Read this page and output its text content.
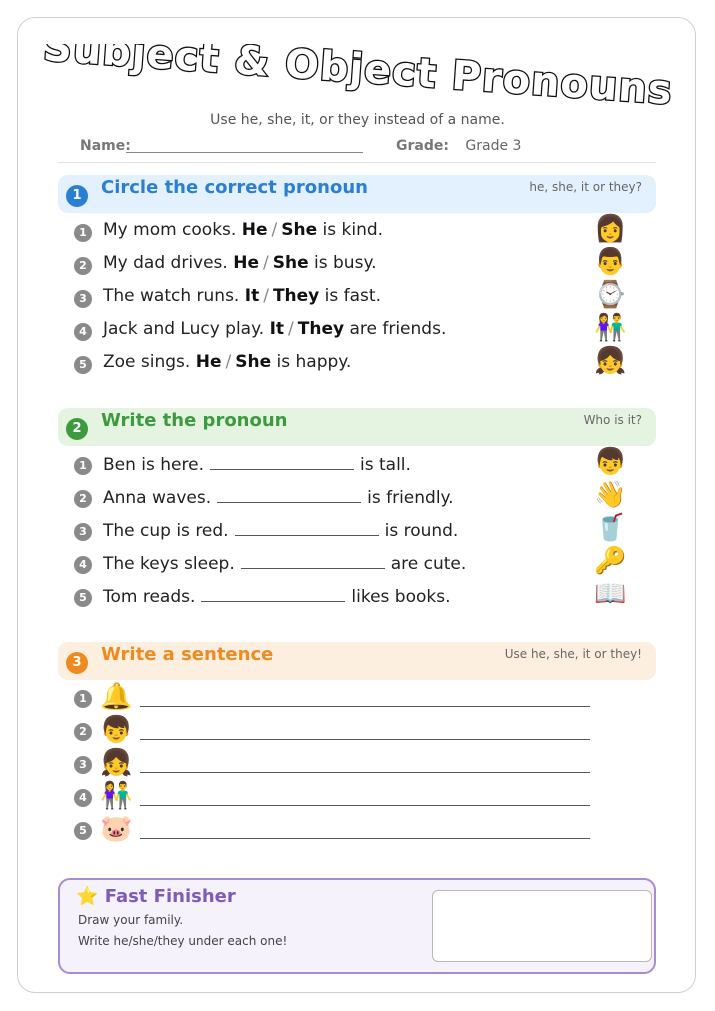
Subject & Object Pronouns
Use he, she, it, or they instead of a name.
Name:	Grade: Grade 3
1	Circle the correct pronoun	he, she, it or they?
1 My mom cooks. He / She is kind.	👩
2 My dad drives. He / She is busy.	👨
3 The watch runs. It / They is fast.	⌚
4 Jack and Lucy play. It / They are friends.	👫
5 Zoe sings. He / She is happy.	👧
2	Write the pronoun	Who is it?
1 Ben is here.	is tall.	👦
2 Anna waves.	is friendly.	👋
3 The cup is red.	is round.	🥤
4 The keys sleep.	are cute.	🔑
5 Tom reads.	likes books.	📖
3	Write a sentence	Use he, she, it or they!
1 🔔
2 👦
3 👧
4 👫
5 🐷
⭐ Fast Finisher
Draw your family.
Write he/she/they under each one!
